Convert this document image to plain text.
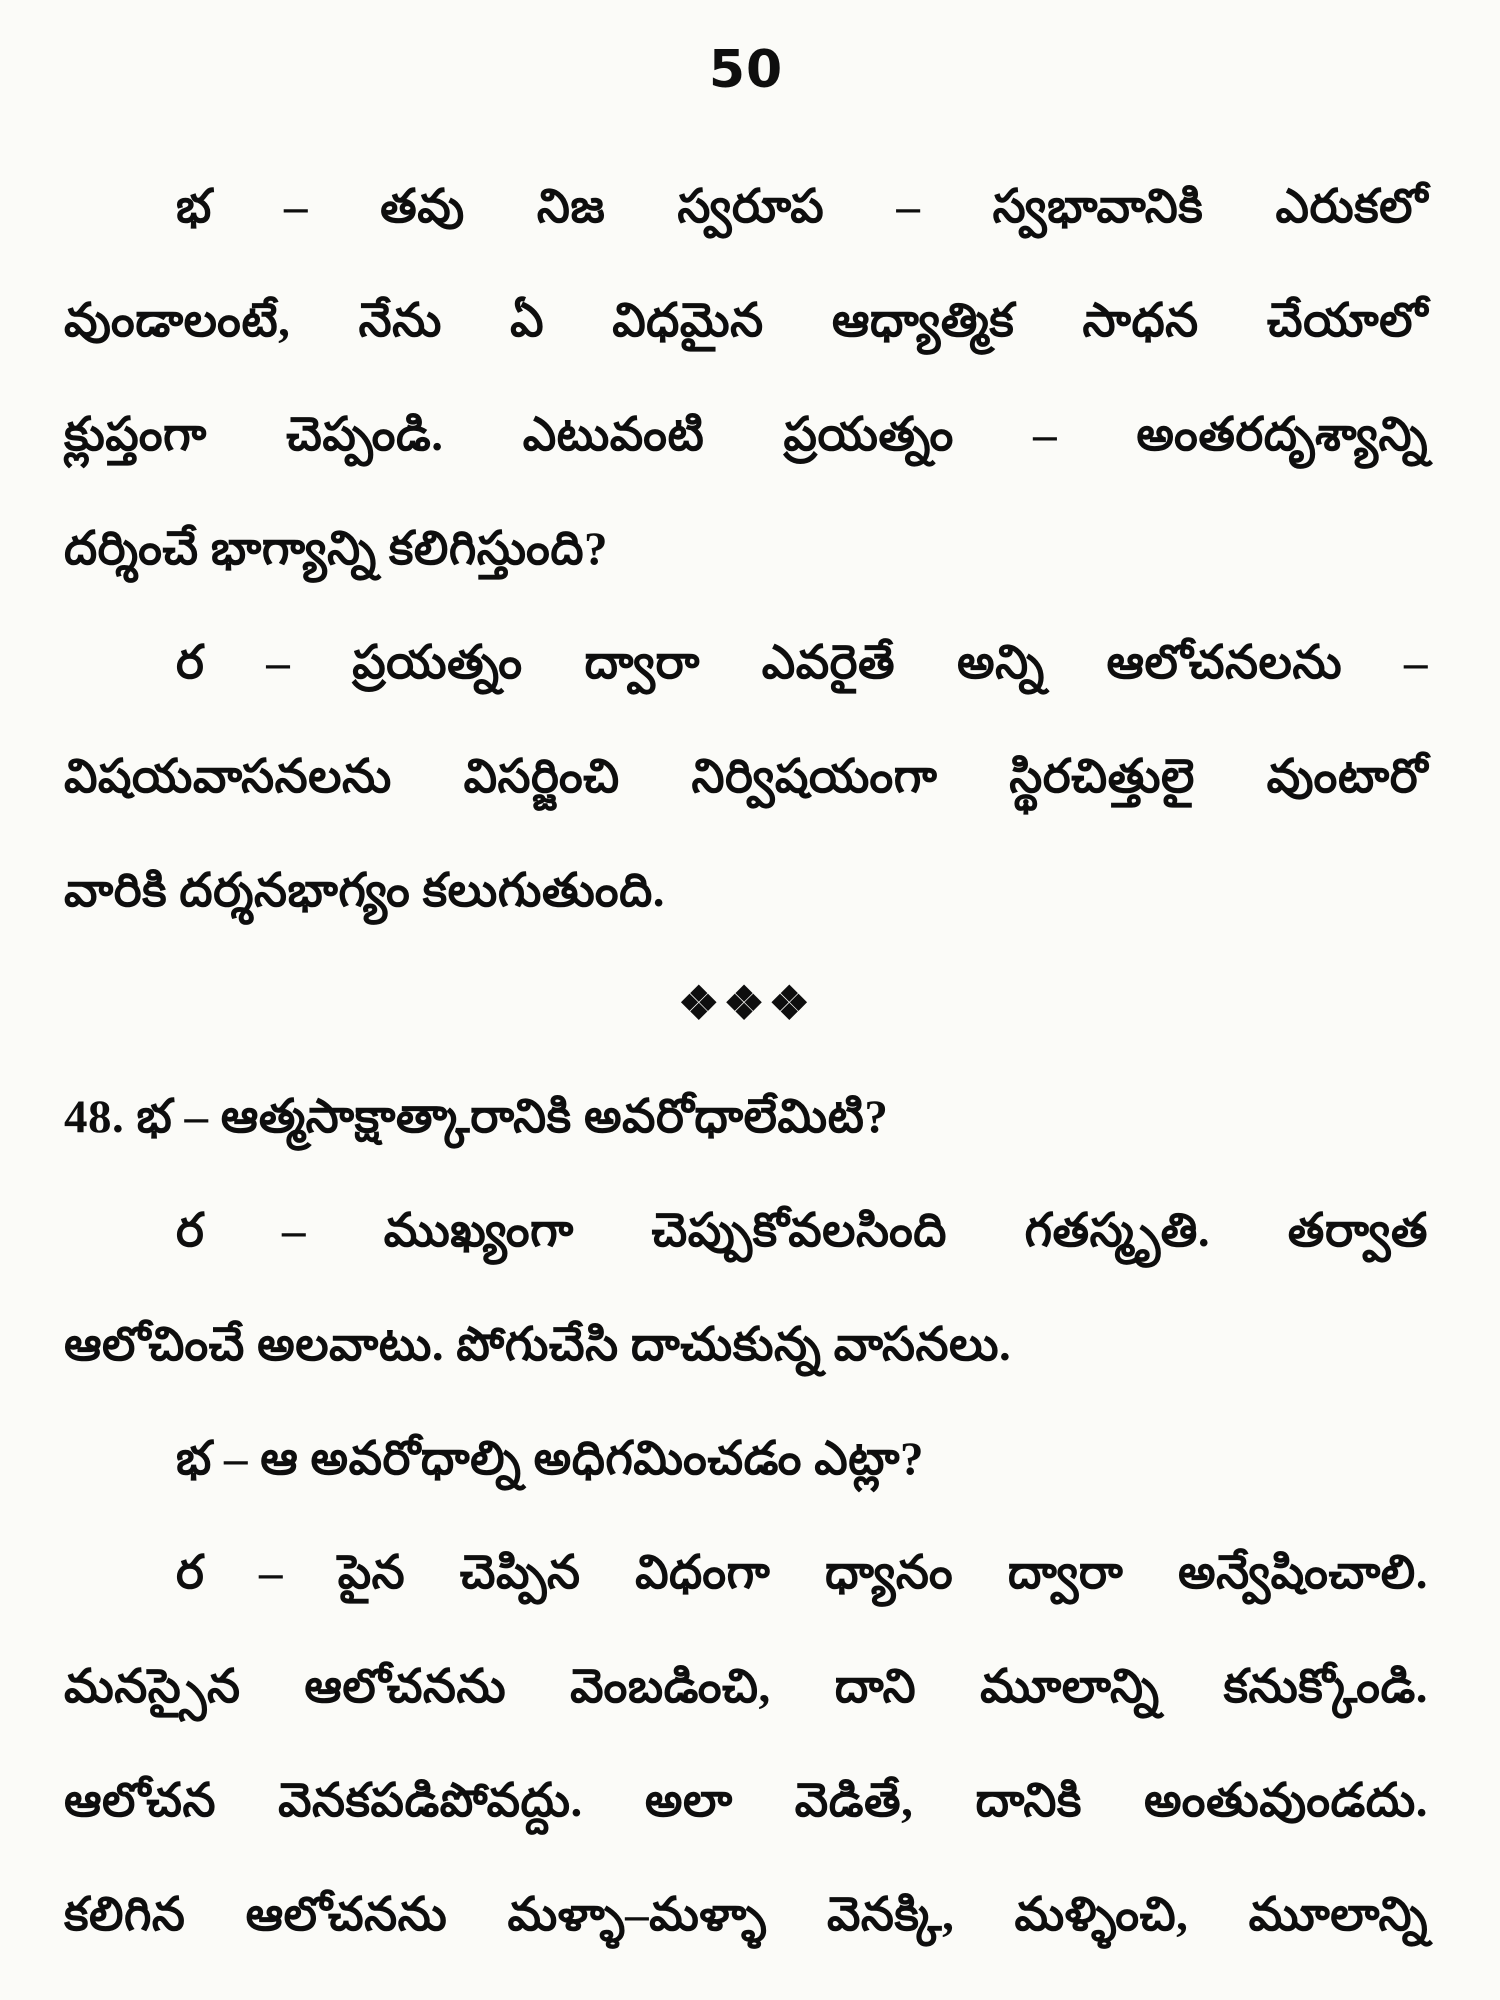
50

భ – తవు నిజ స్వరూప – స్వభావానికి ఎరుకలో
వుండాలంటే, నేను ఏ విధమైన ఆధ్యాత్మిక సాధన చేయాలో
క్లుప్తంగా చెప్పండి. ఎటువంటి ప్రయత్నం – అంతరదృశ్యాన్ని
దర్శించే భాగ్యాన్ని కలిగిస్తుంది?

ర – ప్రయత్నం ద్వారా ఎవరైతే అన్ని ఆలోచనలను –
విషయవాసనలను విసర్జించి నిర్విషయంగా స్థిరచిత్తులై వుంటారో
వారికి దర్శనభాగ్యం కలుగుతుంది.

❖❖❖

48. భ – ఆత్మసాక్షాత్కారానికి అవరోధాలేమిటి?

ర – ముఖ్యంగా చెప్పుకోవలసింది గతస్మృతి. తర్వాత
ఆలోచించే అలవాటు. పోగుచేసి దాచుకున్న వాసనలు.

భ – ఆ అవరోధాల్ని అధిగమించడం ఎట్లా?

ర – పైన చెప్పిన విధంగా ధ్యానం ద్వారా అన్వేషించాలి.
మనస్సైన ఆలోచనను వెంబడించి, దాని మూలాన్ని కనుక్కోండి.
ఆలోచన వెనకపడిపోవద్దు. అలా వెడితే, దానికి అంతువుండదు.
కలిగిన ఆలోచనను మళ్ళా–మళ్ళా వెనక్కి, మళ్ళించి, మూలాన్ని
